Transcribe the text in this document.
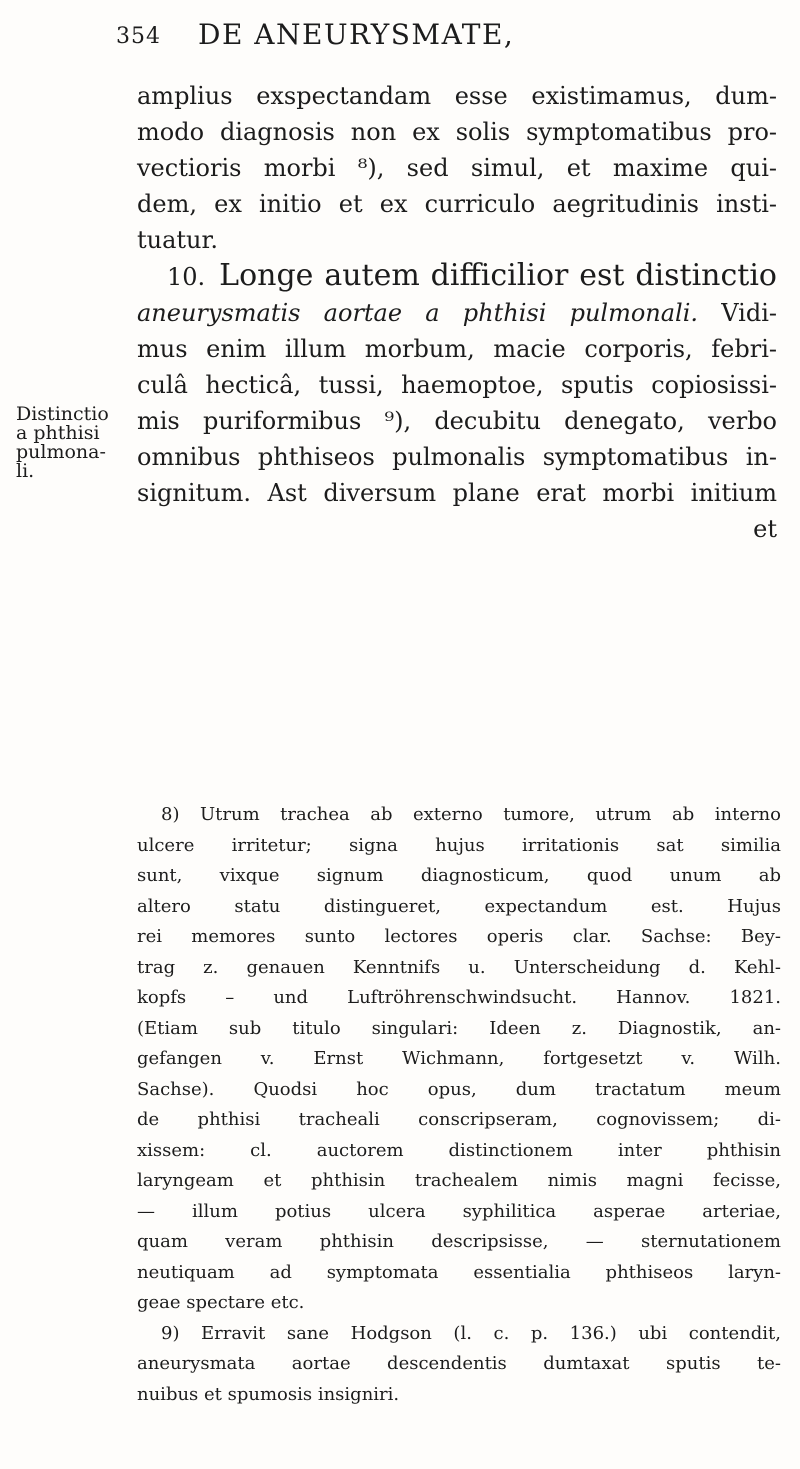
354 DE ANEURYSMATE,
Distinctio
a phthisi
pulmona-
li.
amplius exspectandam esse existimamus, dum-
modo diagnosis non ex solis symptomatibus pro-
vectioris morbi ⁸), sed simul, et maxime qui-
dem, ex initio et ex curriculo aegritudinis insti-
tuatur.
10. Longe autem difficilior est distinctio
aneurysmatis aortae a phthisi pulmonali. Vidi-
mus enim illum morbum, macie corporis, febri-
culâ hecticâ, tussi, haemoptoe, sputis copiosissi-
mis puriformibus ⁹), decubitu denegato, verbo
omnibus phthiseos pulmonalis symptomatibus in-
signitum. Ast diversum plane erat morbi initium
et
8) Utrum trachea ab externo tumore, utrum ab interno
ulcere irritetur; signa hujus irritationis sat similia
sunt, vixque signum diagnosticum, quod unum ab
altero statu distingueret, expectandum est. Hujus
rei memores sunto lectores operis clar. Sachse: Bey-
trag z. genauen Kenntnifs u. Unterscheidung d. Kehl-
kopfs – und Luftröhrenschwindsucht. Hannov. 1821.
(Etiam sub titulo singulari: Ideen z. Diagnostik, an-
gefangen v. Ernst Wichmann, fortgesetzt v. Wilh.
Sachse). Quodsi hoc opus, dum tractatum meum
de phthisi tracheali conscripseram, cognovissem; di-
xissem: cl. auctorem distinctionem inter phthisin
laryngeam et phthisin trachealem nimis magni fecisse,
— illum potius ulcera syphilitica asperae arteriae,
quam veram phthisin descripsisse, — sternutationem
neutiquam ad symptomata essentialia phthiseos laryn-
geae spectare etc.
9) Erravit sane Hodgson (l. c. p. 136.) ubi contendit,
aneurysmata aortae descendentis dumtaxat sputis te-
nuibus et spumosis insigniri.
